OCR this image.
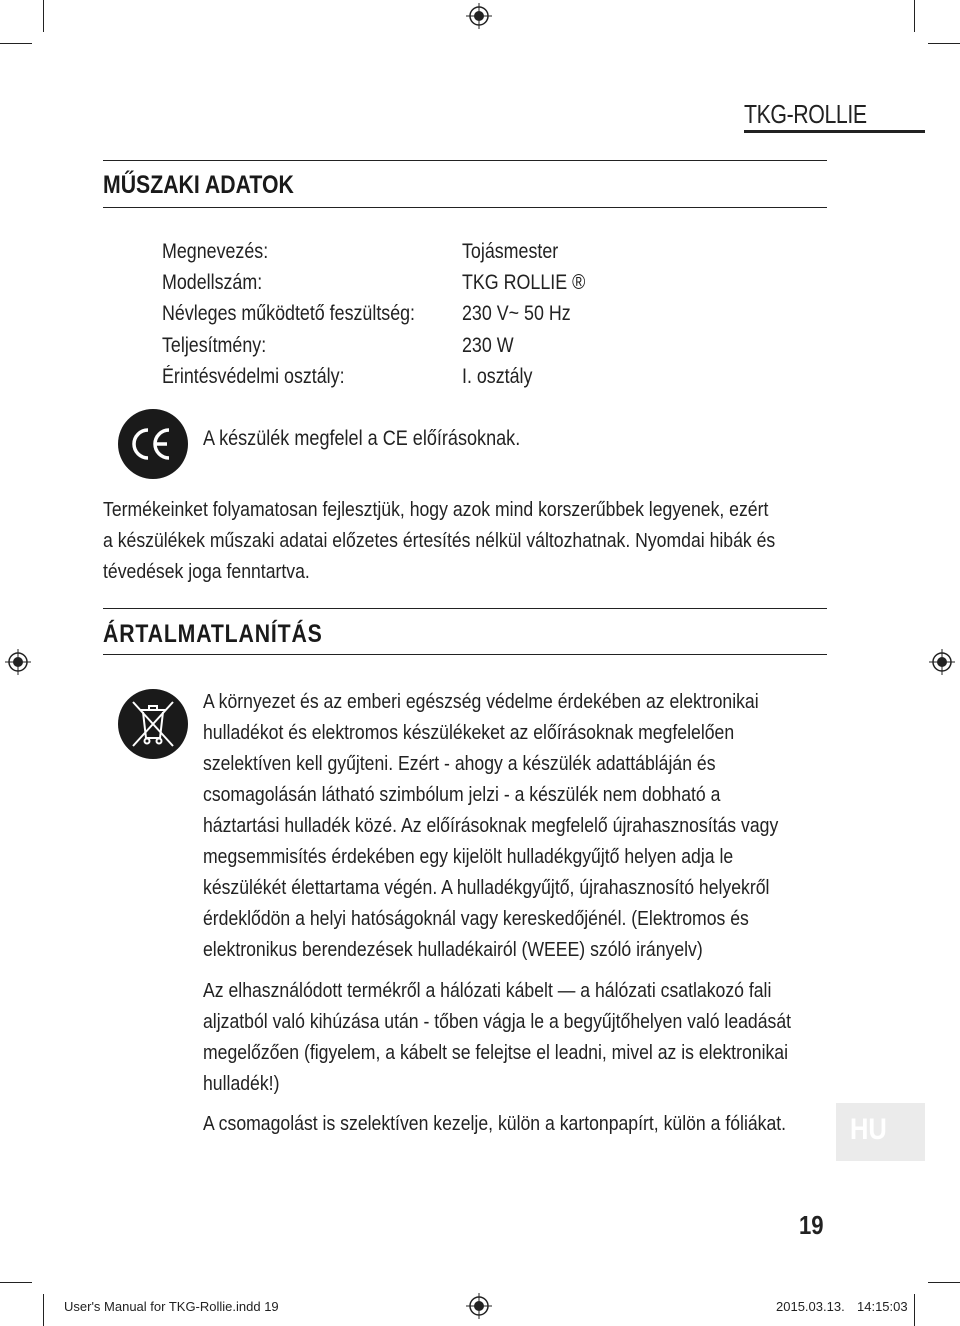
TKG-ROLLIE
MŰSZAKI ADATOK
Megnevezés:	Tojásmester
Modellszám:	TKG ROLLIE ®
Névleges működtető feszültség: 230 V~ 50 Hz
Teljesítmény:	230 W
Érintésvédelmi osztály:	I. osztály
A készülék megfelel a CE előírásoknak.
Termékeinket folyamatosan fejlesztjük, hogy azok mind korszerűbbek legyenek, ezért
a készülékek műszaki adatai előzetes értesítés nélkül változhatnak. Nyomdai hibák és
tévedések joga fenntartva.
ÁRTALMATLANÍTÁS
A környezet és az emberi egészség védelme érdekében az elektronikai
hulladékot és elektromos készülékeket az előírásoknak megfelelően
szelektíven kell gyűjteni. Ezért - ahogy a készülék adattábláján és
csomagolásán látható szimbólum jelzi - a készülék nem dobható a
háztartási hulladék közé. Az előírásoknak megfelelő újrahasznosítás vagy
megsemmisítés érdekében egy kijelölt hulladékgyűjtő helyen adja le
készülékét élettartama végén. A hulladékgyűjtő, újrahasznosító helyekről
érdeklődön a helyi hatóságoknál vagy kereskedőjénél. (Elektromos és
elektronikus berendezések hulladékairól (WEEE) szóló irányelv)
Az elhasználódott termékről a hálózati kábelt — a hálózati csatlakozó fali
aljzatból való kihúzása után - tőben vágja le a begyűjtőhelyen való leadását
megelőzően (figyelem, a kábelt se felejtse el leadni, mivel az is elektronikai
hulladék!)
A csomagolást is szelektíven kezelje, külön a kartonpapírt, külön a fóliákat. HU
19
User's Manual for TKG-Rollie.indd 19	2015.03.13. 14:15:03
